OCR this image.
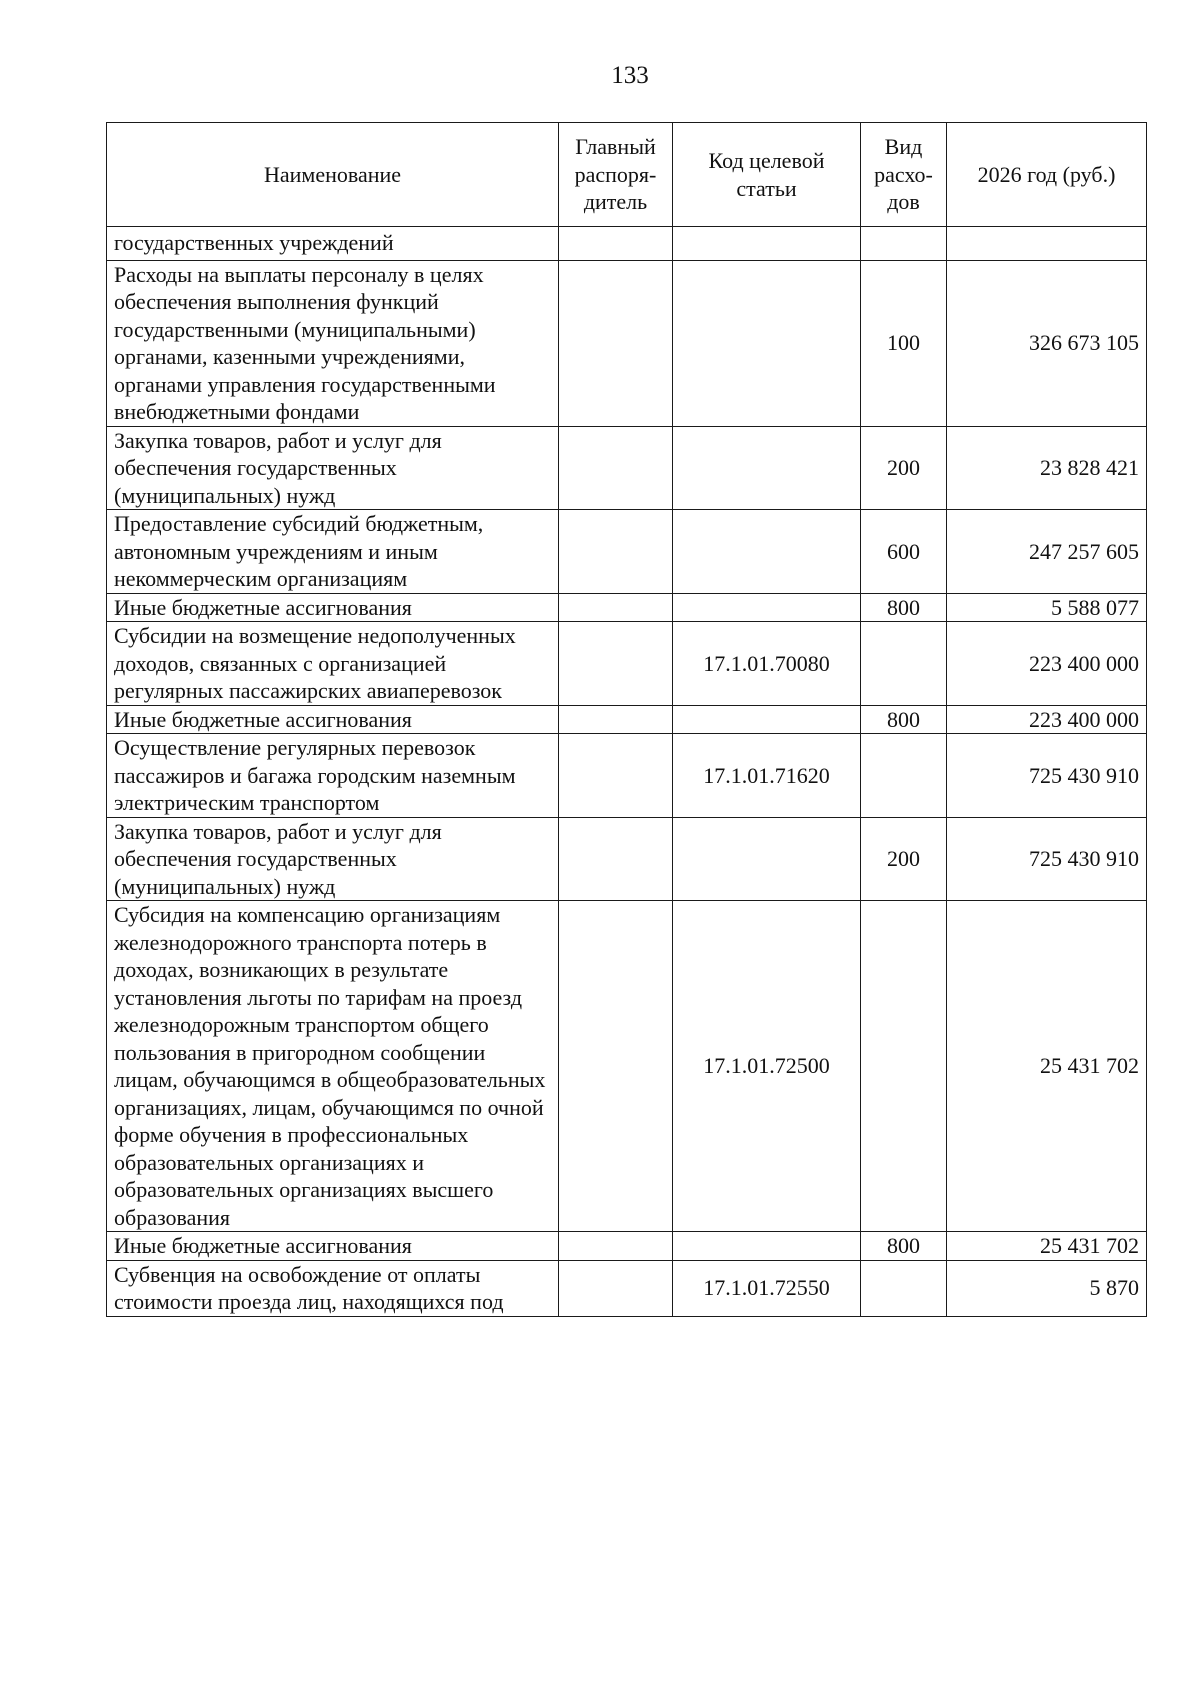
133
Наименование	Главный распоря-дитель	Код целевой статьи	Вид расхо-дов	2026 год (руб.)
государственных учреждений				
Расходы на выплаты персоналу в целях обеспечения выполнения функций государственными (муниципальными) органами, казенными учреждениями, органами управления государственными внебюджетными фондами			100	326 673 105
Закупка товаров, работ и услуг для обеспечения государственных (муниципальных) нужд			200	23 828 421
Предоставление субсидий бюджетным, автономным учреждениям и иным некоммерческим организациям			600	247 257 605
Иные бюджетные ассигнования			800	5 588 077
Субсидии на возмещение недополученных доходов, связанных с организацией регулярных пассажирских авиаперевозок		17.1.01.70080		223 400 000
Иные бюджетные ассигнования			800	223 400 000
Осуществление регулярных перевозок пассажиров и багажа городским наземным электрическим транспортом		17.1.01.71620		725 430 910
Закупка товаров, работ и услуг для обеспечения государственных (муниципальных) нужд			200	725 430 910
Субсидия на компенсацию организациям железнодорожного транспорта потерь в доходах, возникающих в результате установления льготы по тарифам на проезд железнодорожным транспортом общего пользования в пригородном сообщении лицам, обучающимся в общеобразовательных организациях, лицам, обучающимся по очной форме обучения в профессиональных образовательных организациях и образовательных организациях высшего образования		17.1.01.72500		25 431 702
Иные бюджетные ассигнования			800	25 431 702
Субвенция на освобождение от оплаты стоимости проезда лиц, находящихся под		17.1.01.72550		5 870
